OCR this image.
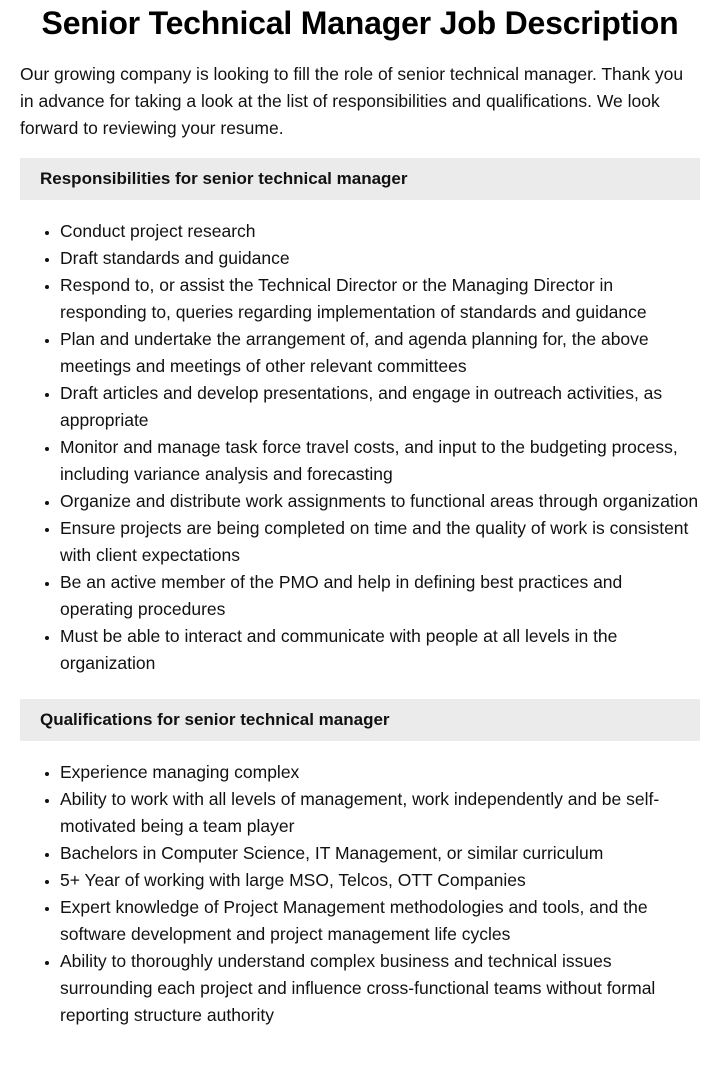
Senior Technical Manager Job Description

Our growing company is looking to fill the role of senior technical manager. Thank you in advance for taking a look at the list of responsibilities and qualifications. We look forward to reviewing your resume.

Responsibilities for senior technical manager
• Conduct project research
• Draft standards and guidance
• Respond to, or assist the Technical Director or the Managing Director in responding to, queries regarding implementation of standards and guidance
• Plan and undertake the arrangement of, and agenda planning for, the above meetings and meetings of other relevant committees
• Draft articles and develop presentations, and engage in outreach activities, as appropriate
• Monitor and manage task force travel costs, and input to the budgeting process, including variance analysis and forecasting
• Organize and distribute work assignments to functional areas through organization
• Ensure projects are being completed on time and the quality of work is consistent with client expectations
• Be an active member of the PMO and help in defining best practices and operating procedures
• Must be able to interact and communicate with people at all levels in the organization
Qualifications for senior technical manager
• Experience managing complex
• Ability to work with all levels of management, work independently and be self-motivated being a team player
• Bachelors in Computer Science, IT Management, or similar curriculum
• 5+ Year of working with large MSO, Telcos, OTT Companies
• Expert knowledge of Project Management methodologies and tools, and the software development and project management life cycles
• Ability to thoroughly understand complex business and technical issues surrounding each project and influence cross-functional teams without formal reporting structure authority
